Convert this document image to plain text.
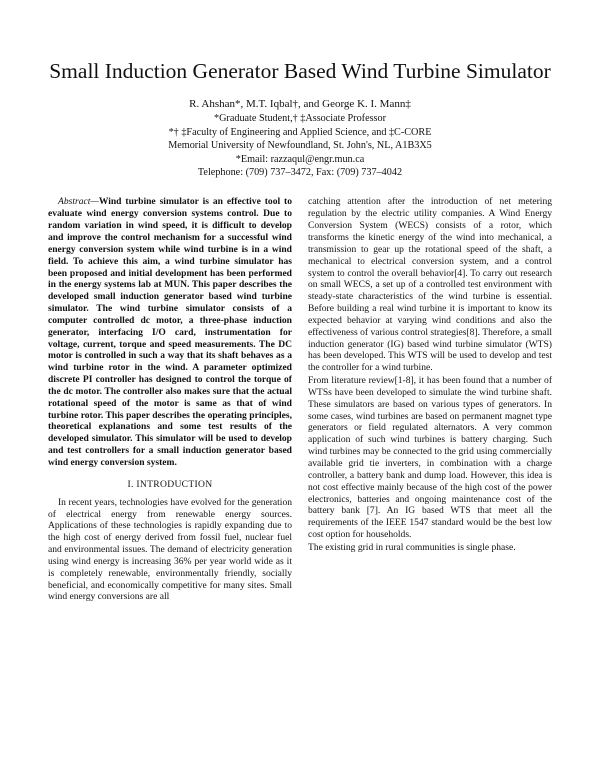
Small Induction Generator Based Wind Turbine Simulator
R. Ahshan*, M.T. Iqbal†, and George K. I. Mann‡
*Graduate Student,† ‡Associate Professor
*† ‡Faculty of Engineering and Applied Science, and ‡C-CORE
Memorial University of Newfoundland, St. John's, NL, A1B3X5
*Email: razzaqul@engr.mun.ca
Telephone: (709) 737–3472, Fax: (709) 737–4042

Abstract—Wind turbine simulator is an effective tool to evaluate wind energy conversion systems control. Due to random variation in wind speed, it is difficult to develop and improve the control mechanism for a successful wind energy conversion system while wind turbine is in a wind field. To achieve this aim, a wind turbine simulator has been proposed and initial development has been performed in the energy systems lab at MUN. This paper describes the developed small induction generator based wind turbine simulator. The wind turbine simulator consists of a computer controlled dc motor, a three-phase induction generator, interfacing I/O card, instrumentation for voltage, current, torque and speed measurements. The DC motor is controlled in such a way that its shaft behaves as a wind turbine rotor in the wind. A parameter optimized discrete PI controller has designed to control the torque of the dc motor. The controller also makes sure that the actual rotational speed of the motor is same as that of wind turbine rotor. This paper describes the operating principles, theoretical explanations and some test results of the developed simulator. This simulator will be used to develop and test controllers for a small induction generator based wind energy conversion system.

I. INTRODUCTION

In recent years, technologies have evolved for the generation of electrical energy from renewable energy sources. Applications of these technologies is rapidly expanding due to the high cost of energy derived from fossil fuel, nuclear fuel and environmental issues. The demand of electricity generation using wind energy is increasing 36% per year world wide as it is completely renewable, environmentally friendly, socially beneficial, and economically competitive for many sites. Small wind energy conversions are all

catching attention after the introduction of net metering regulation by the electric utility companies. A Wind Energy Conversion System (WECS) consists of a rotor, which transforms the kinetic energy of the wind into mechanical, a transmission to gear up the rotational speed of the shaft, a mechanical to electrical conversion system, and a control system to control the overall behavior[4]. To carry out research on small WECS, a set up of a controlled test environment with steady-state characteristics of the wind turbine is essential. Before building a real wind turbine it is important to know its expected behavior at varying wind conditions and also the effectiveness of various control strategies[8]. Therefore, a small induction generator (IG) based wind turbine simulator (WTS) has been developed. This WTS will be used to develop and test the controller for a wind turbine.

From literature review[1-8], it has been found that a number of WTSs have been developed to simulate the wind turbine shaft. These simulators are based on various types of generators. In some cases, wind turbines are based on permanent magnet type generators or field regulated alternators. A very common application of such wind turbines is battery charging. Such wind turbines may be connected to the grid using commercially available grid tie inverters, in combination with a charge controller, a battery bank and dump load. However, this idea is not cost effective mainly because of the high cost of the power electronics, batteries and ongoing maintenance cost of the battery bank [7]. An IG based WTS that meet all the requirements of the IEEE 1547 standard would be the best low cost option for households.

The existing grid in rural communities is single phase.
